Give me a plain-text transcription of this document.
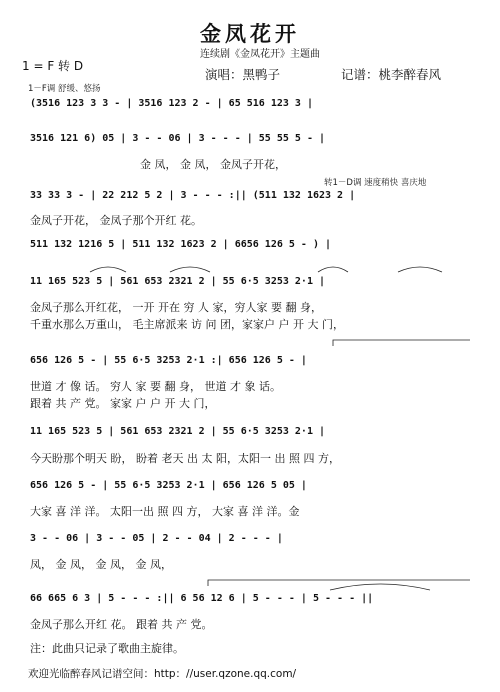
金凤花开
连续剧《金凤花开》主题曲
1 = F 转 D
演唱：黑鸭子	记谱：桃李醉春风
1－F调 舒缓、悠扬
转1－D调 速度稍快 喜庆地
(3516 123 3 3 - | 3516 123 2 - | 65 516 123 3 |
3516 121 6) 05 | 3 - - 06 | 3 - - - | 55 55 5 - |
金 凤， 金 凤， 金凤子开花，
33 33 3 - | 22 212 5 2 | 3 - - - :|| (511 132 1623 2 |
金凤子开花， 金凤子那个开红 花。
511 132 1216 5 | 511 132 1623 2 | 6656 126 5 - ) |
11 165 523 5 | 561 653 2321 2 | 55 6·5 3253 2·1 |
金凤子那么开红花， 一开 开在 穷 人 家，穷人家 要 翻 身，
千重水那么万重山， 毛主席派来 访 问 团，家家户 户 开 大 门，
656 126 5 - | 55 6·5 3253 2·1 :| 656 126 5 - |
世道 才 像 话。 穷人 家 要 翻 身， 世道 才 象 话。
跟着 共 产 党。 家家 户 户 开 大 门，
11 165 523 5 | 561 653 2321 2 | 55 6·5 3253 2·1 |
今天盼那个明天 盼， 盼着 老天 出 太 阳，太阳一 出 照 四 方，
656 126 5 - | 55 6·5 3253 2·1 | 656 126 5 05 |
大家 喜 洋 洋。 太阳一出 照 四 方， 大家 喜 洋 洋。金
3 - - 06 | 3 - - 05 | 2 - - 04 | 2 - - - |
凤， 金 凤， 金 凤， 金 凤，
66 665 6 3 | 5 - - - :|| 6 56 12 6 | 5 - - - | 5 - - - ||
金凤子那么开红 花。 跟着 共 产 党。
注：此曲只记录了歌曲主旋律。
欢迎光临醉春风记谱空间：http：//user.qzone.qq.com/
